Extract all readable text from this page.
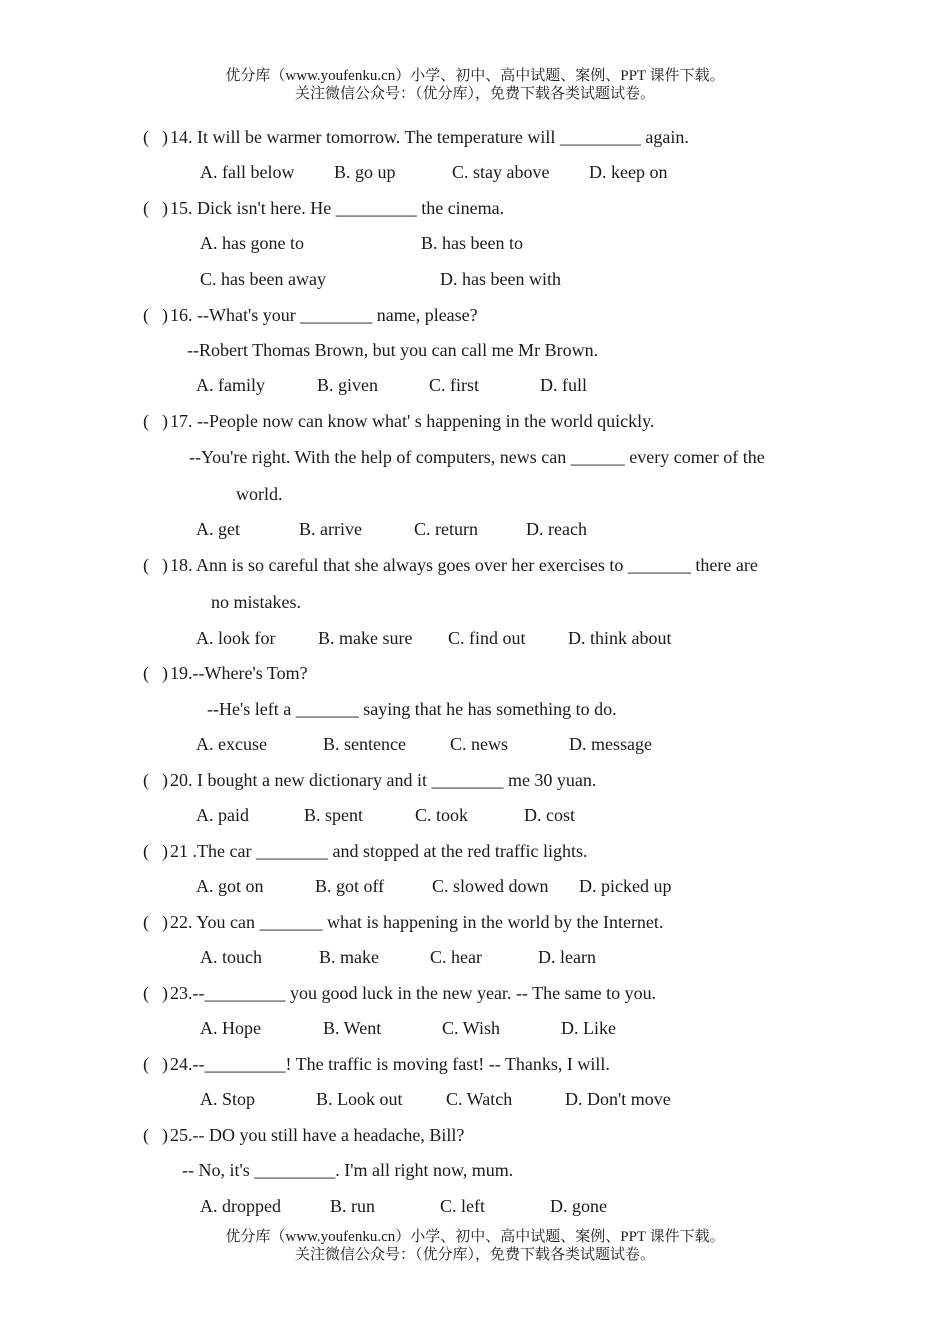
优分库（www.youfenku.cn）小学、初中、高中试题、案例、PPT 课件下载。
关注微信公众号：（优分库），免费下载各类试题试卷。
( ) 14. It will be warmer tomorrow. The temperature will _________ again.
A. fall below B. go up	C. stay above D. keep on
( ) 15. Dick isn't here. He _________ the cinema.
A. has gone to	B. has been to
C. has been away	D. has been with
( ) 16. --What's your ________ name, please?
--Robert Thomas Brown, but you can call me Mr Brown.
A. family	B. given	C. first	D. full
( ) 17. --People now can know what' s happening in the world quickly.
--You're right. With the help of computers, news can ______ every comer of the
world.
A. get	B. arrive	C. return	D. reach
( ) 18. Ann is so careful that she always goes over her exercises to _______ there are
no mistakes.
A. look for B. make sure C. find out D. think about
( ) 19.--Where's Tom?
--He's left a _______ saying that he has something to do.
A. excuse	B. sentence C. news	D. message
( ) 20. I bought a new dictionary and it ________ me 30 yuan.
A. paid	B. spent	C. took	D. cost
( ) 21 .The car ________ and stopped at the red traffic lights.
A. got on	B. got off	C. slowed down D. picked up
( ) 22. You can _______ what is happening in the world by the Internet.
A. touch	B. make	C. hear	D. learn
( ) 23.--_________ you good luck in the new year. -- The same to you.
A. Hope	B. Went	C. Wish	D. Like
( ) 24.--_________! The traffic is moving fast! -- Thanks, I will.
A. Stop	B. Look out C. Watch	D. Don't move
( ) 25.-- DO you still have a headache, Bill?
-- No, it's _________. I'm all right now, mum.
A. dropped	B. run	C. left	D. gone
优分库（www.youfenku.cn）小学、初中、高中试题、案例、PPT 课件下载。
关注微信公众号：（优分库），免费下载各类试题试卷。
